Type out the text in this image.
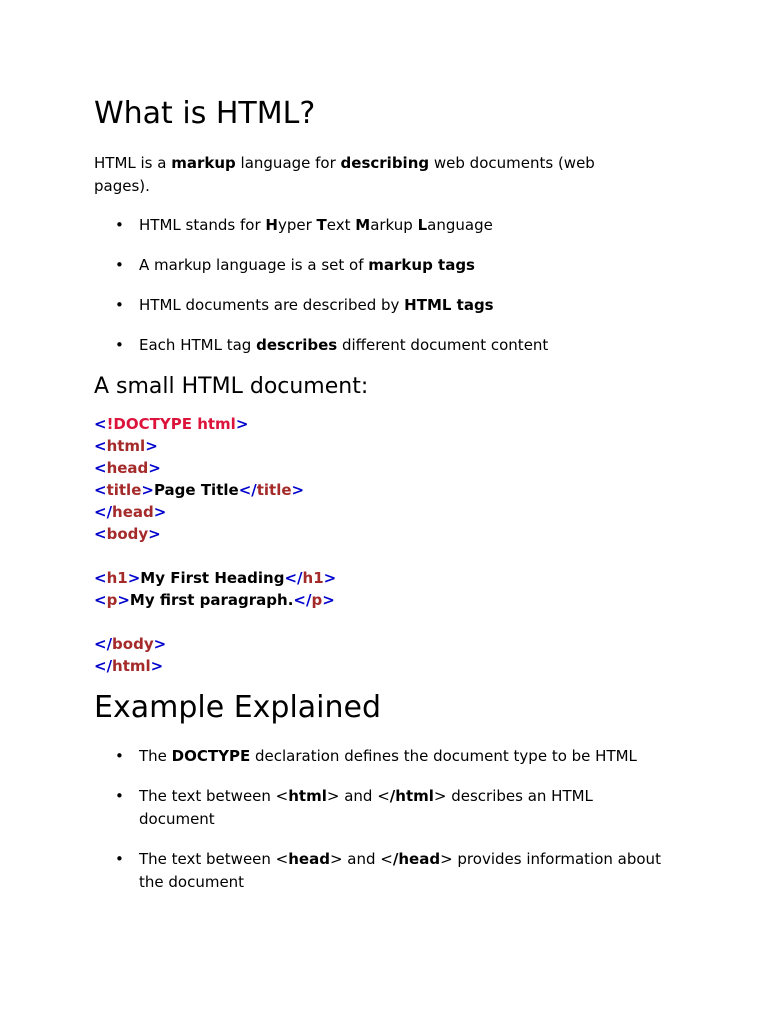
What is HTML?

HTML is a markup language for describing web documents (web pages).

•	HTML stands for Hyper Text Markup Language
•	A markup language is a set of markup tags
•	HTML documents are described by HTML tags
•	Each HTML tag describes different document content
A small HTML document:
<!DOCTYPE html>
<html>
<head>
<title>Page Title</title>
</head>
<body>
<h1>My First Heading</h1>
<p>My first paragraph.</p>
</body>
</html>
Example Explained
•	The DOCTYPE declaration defines the document type to be HTML
•	The text between <html> and </html> describes an HTML document
•	The text between <head> and </head> provides information about the document
